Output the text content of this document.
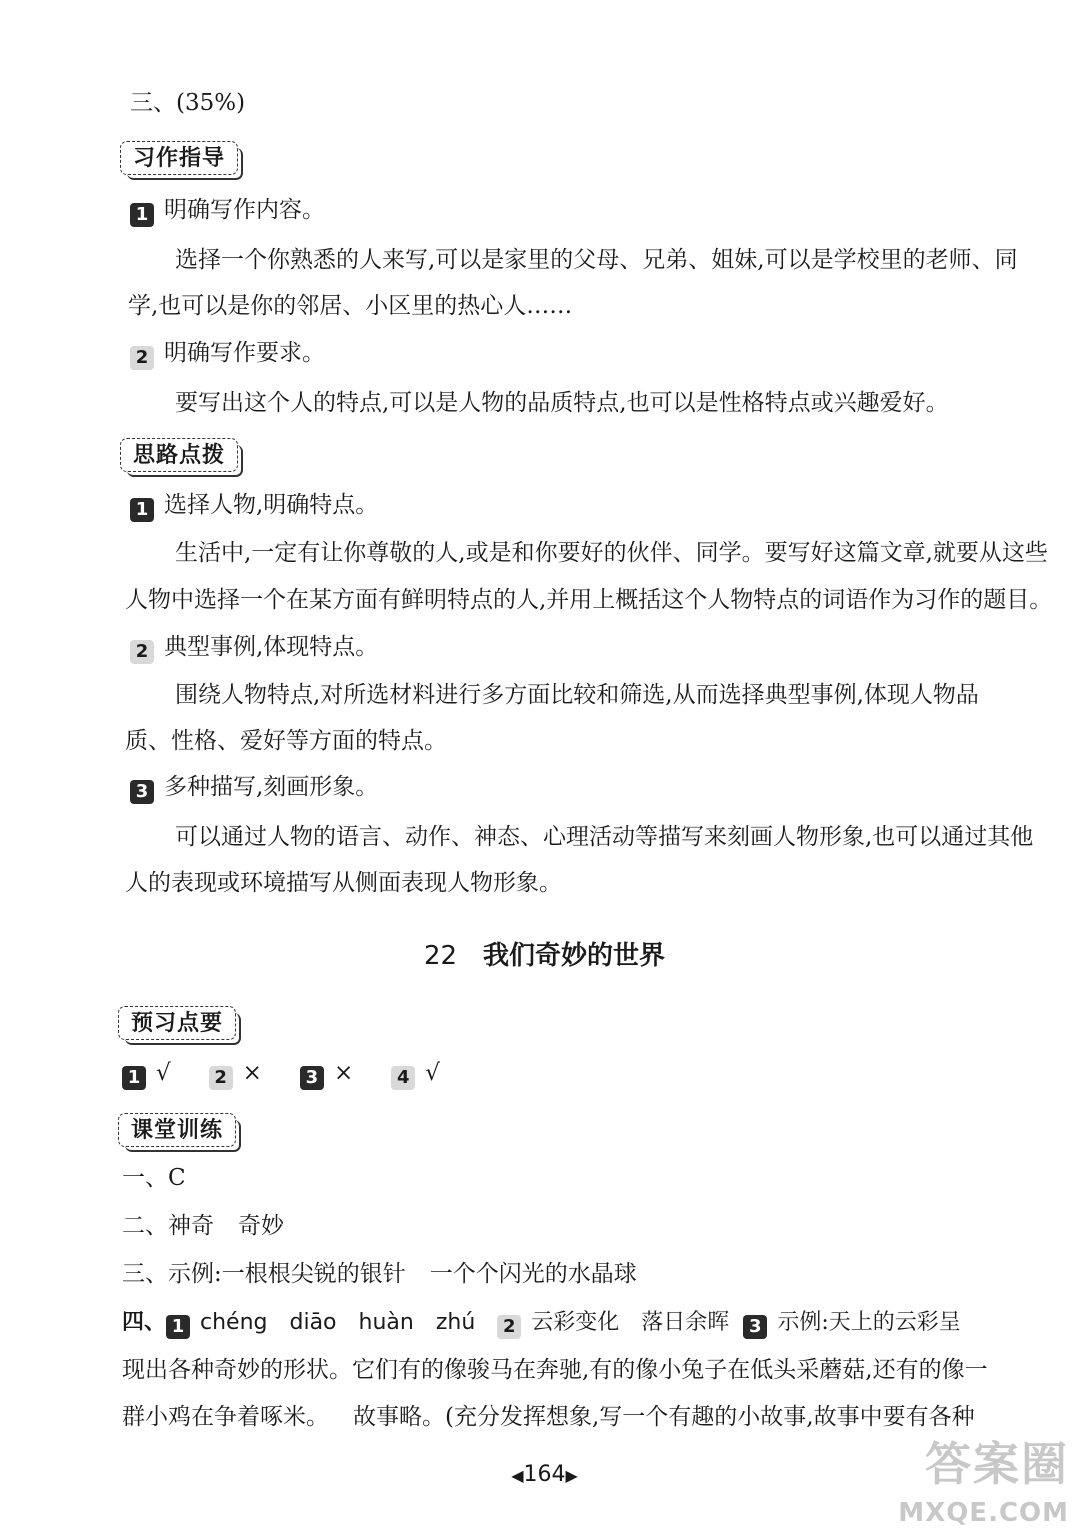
三、(35%)
习作指导
1 明确写作内容。
选择一个你熟悉的人来写,可以是家里的父母、兄弟、姐妹,可以是学校里的老师、同
学,也可以是你的邻居、小区里的热心人……
2 明确写作要求。
要写出这个人的特点,可以是人物的品质特点,也可以是性格特点或兴趣爱好。
思路点拨
1 选择人物,明确特点。
生活中,一定有让你尊敬的人,或是和你要好的伙伴、同学。要写好这篇文章,就要从这些
人物中选择一个在某方面有鲜明特点的人,并用上概括这个人物特点的词语作为习作的题目。
2 典型事例,体现特点。
围绕人物特点,对所选材料进行多方面比较和筛选,从而选择典型事例,体现人物品
质、性格、爱好等方面的特点。
3 多种描写,刻画形象。
可以通过人物的语言、动作、神态、心理活动等描写来刻画人物形象,也可以通过其他
人的表现或环境描写从侧面表现人物形象。
22 我们奇妙的世界
预习点要
1 √ 2 × 3 × 4 √
课堂训练
一、C
二、神奇 奇妙
三、示例:一根根尖锐的银针 一个个闪光的水晶球
四、 1 chéng diāo huàn zhú 2 云彩变化 落日余晖 3 示例:天上的云彩呈
现出各种奇妙的形状。它们有的像骏马在奔驰,有的像小兔子在低头采蘑菇,还有的像一
群小鸡在争着啄米。 故事略。(充分发挥想象,写一个有趣的小故事,故事中要有各种
◀164▶	答案圈
MXQE.COM
